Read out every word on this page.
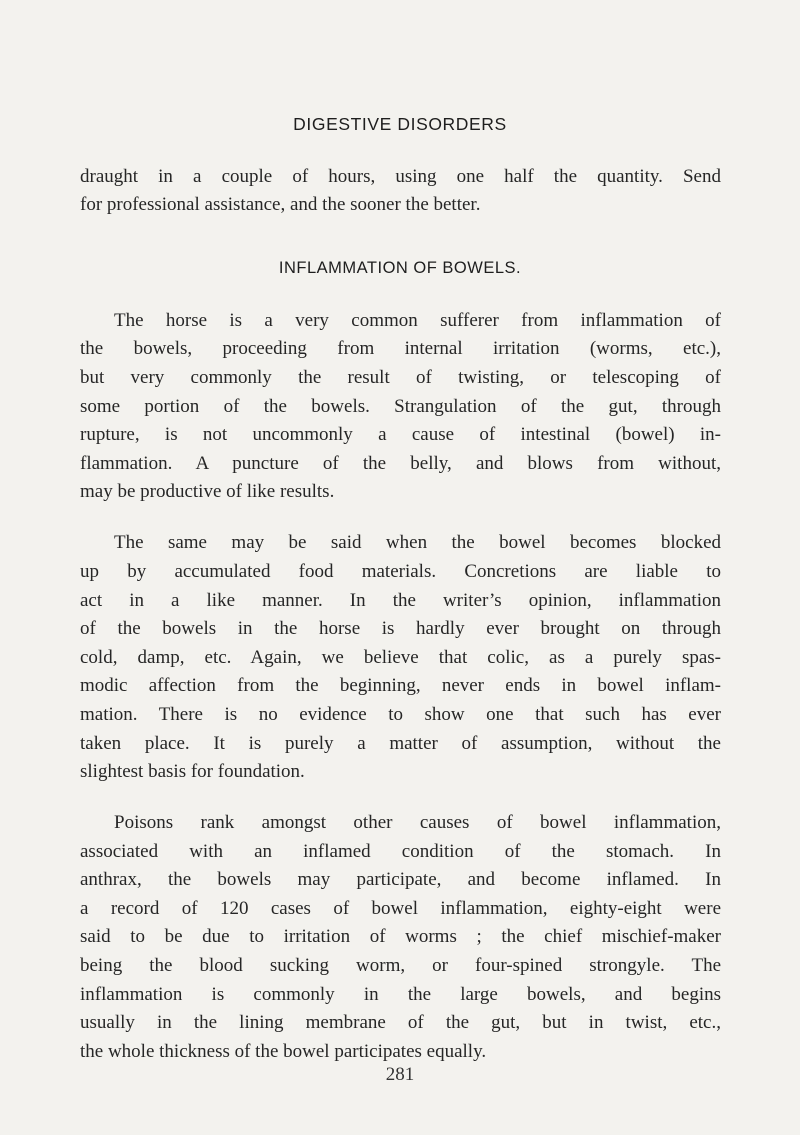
DIGESTIVE DISORDERS
draught in a couple of hours, using one half the quantity. Send
for professional assistance, and the sooner the better.
INFLAMMATION OF BOWELS.
The horse is a very common sufferer from inflammation of
the bowels, proceeding from internal irritation (worms, etc.),
but very commonly the result of twisting, or telescoping of
some portion of the bowels. Strangulation of the gut, through
rupture, is not uncommonly a cause of intestinal (bowel) in-
flammation. A puncture of the belly, and blows from without,
may be productive of like results.
The same may be said when the bowel becomes blocked
up by accumulated food materials. Concretions are liable to
act in a like manner. In the writer’s opinion, inflammation
of the bowels in the horse is hardly ever brought on through
cold, damp, etc. Again, we believe that colic, as a purely spas-
modic affection from the beginning, never ends in bowel inflam-
mation. There is no evidence to show one that such has ever
taken place. It is purely a matter of assumption, without the
slightest basis for foundation.
Poisons rank amongst other causes of bowel inflammation,
associated with an inflamed condition of the stomach. In
anthrax, the bowels may participate, and become inflamed. In
a record of 120 cases of bowel inflammation, eighty-eight were
said to be due to irritation of worms ; the chief mischief-maker
being the blood sucking worm, or four-spined strongyle. The
inflammation is commonly in the large bowels, and begins
usually in the lining membrane of the gut, but in twist, etc.,
the whole thickness of the bowel participates equally.
281
